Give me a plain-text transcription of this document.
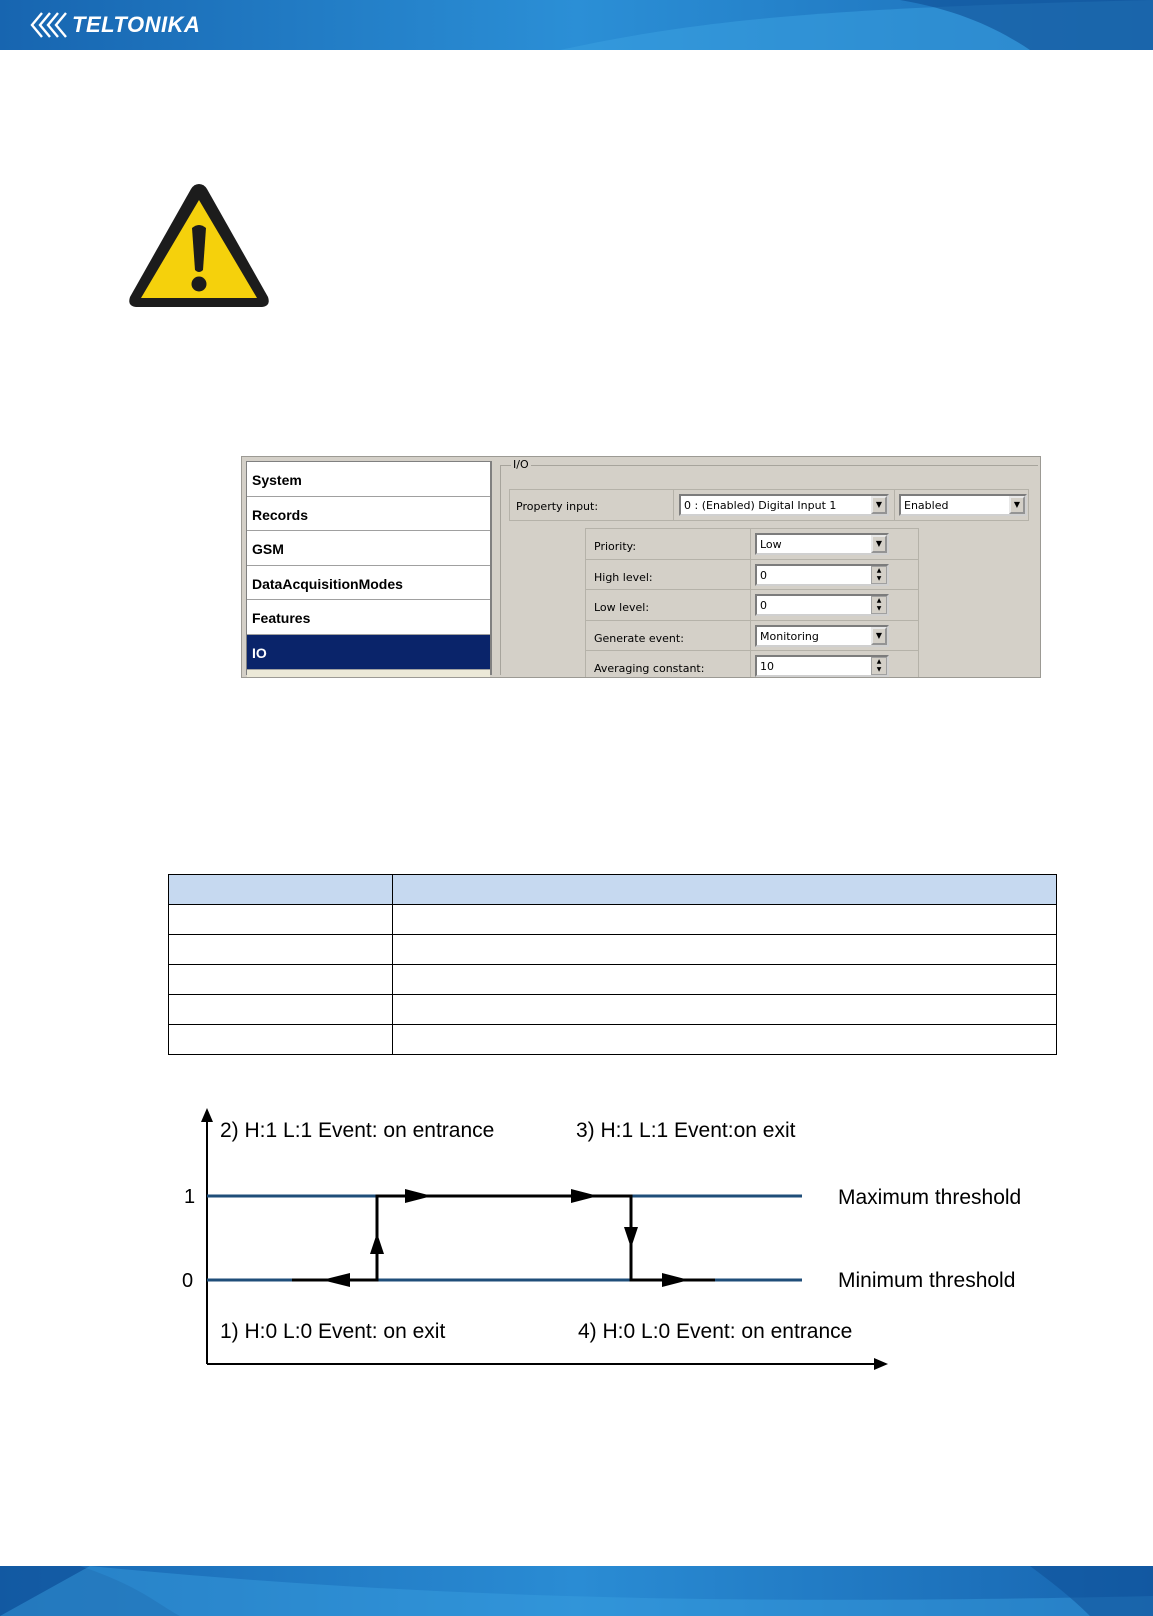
TELTONIKA
System
Records
GSM
DataAcquisitionModes
Features
IO
I/O
Property input:	0 : (Enabled) Digital Input 1	▼	Enabled	▼
Priority:	Low	▼
High level:	0	▲
▼
Low level:	0	▲
▼
Generate event:	Monitoring	▼
Averaging constant:	10	▲
▼

1
0
2) H:1 L:1 Event: on entrance	3) H:1 L:1 Event:on exit
1) H:0 L:0 Event: on exit	4) H:0 L:0 Event: on entrance
Maximum threshold
Minimum threshold
